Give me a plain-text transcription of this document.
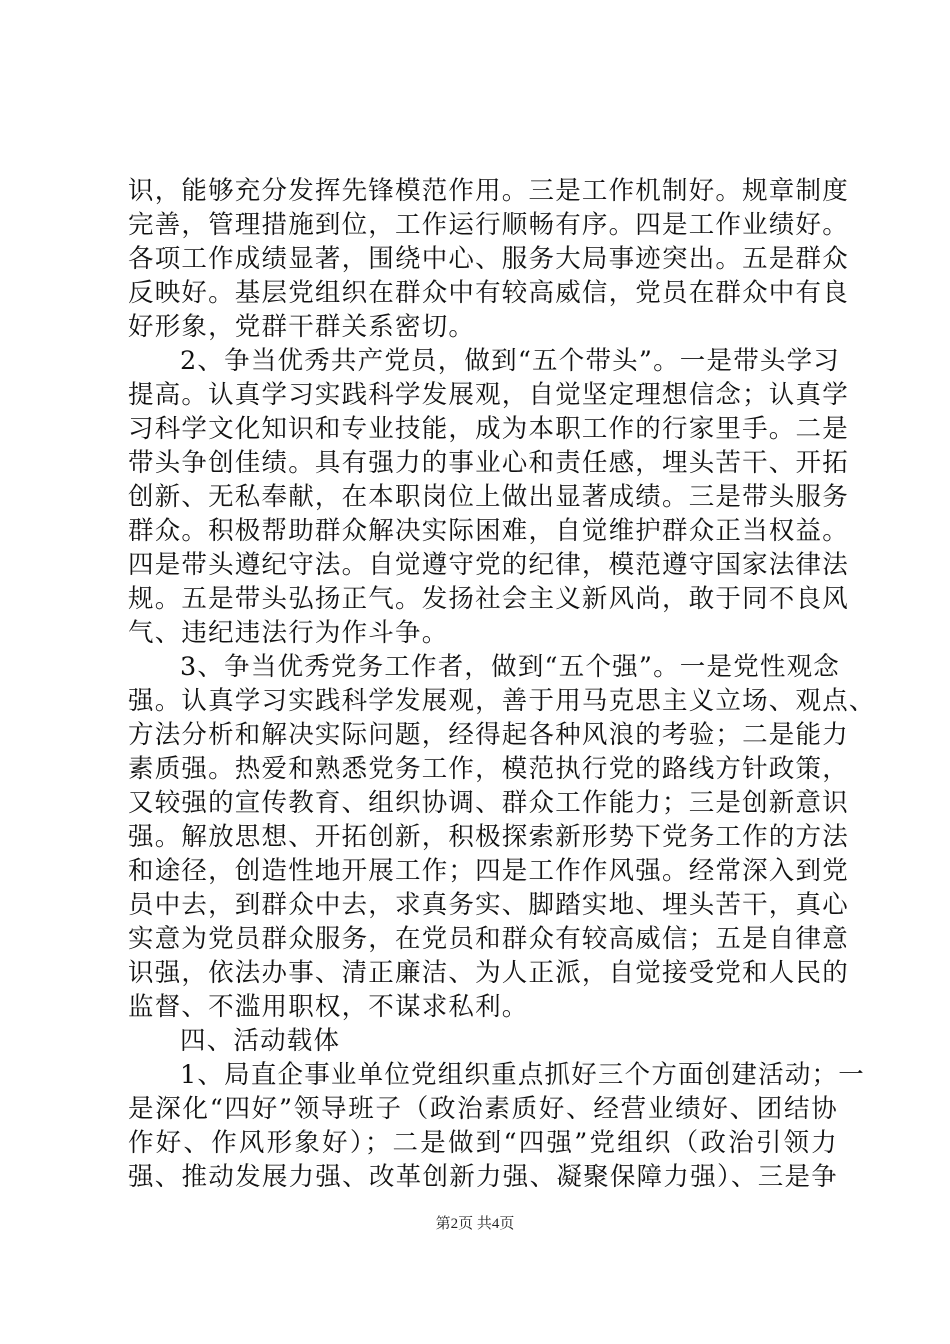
识，能够充分发挥先锋模范作用。三是工作机制好。规章制度
完善，管理措施到位，工作运行顺畅有序。四是工作业绩好。
各项工作成绩显著，围绕中心、服务大局事迹突出。五是群众
反映好。基层党组织在群众中有较高威信，党员在群众中有良
好形象，党群干群关系密切。
2、争当优秀共产党员，做到“五个带头”。一是带头学习
提高。认真学习实践科学发展观，自觉坚定理想信念；认真学
习科学文化知识和专业技能，成为本职工作的行家里手。二是
带头争创佳绩。具有强力的事业心和责任感，埋头苦干、开拓
创新、无私奉献，在本职岗位上做出显著成绩。三是带头服务
群众。积极帮助群众解决实际困难，自觉维护群众正当权益。
四是带头遵纪守法。自觉遵守党的纪律，模范遵守国家法律法
规。五是带头弘扬正气。发扬社会主义新风尚，敢于同不良风
气、违纪违法行为作斗争。
3、争当优秀党务工作者，做到“五个强”。一是党性观念
强。认真学习实践科学发展观，善于用马克思主义立场、观点、
方法分析和解决实际问题，经得起各种风浪的考验；二是能力
素质强。热爱和熟悉党务工作，模范执行党的路线方针政策，
又较强的宣传教育、组织协调、群众工作能力；三是创新意识
强。解放思想、开拓创新，积极探索新形势下党务工作的方法
和途径，创造性地开展工作；四是工作作风强。经常深入到党
员中去，到群众中去，求真务实、脚踏实地、埋头苦干，真心
实意为党员群众服务，在党员和群众有较高威信；五是自律意
识强，依法办事、清正廉洁、为人正派，自觉接受党和人民的
监督、不滥用职权，不谋求私利。
四、活动载体
1、局直企事业单位党组织重点抓好三个方面创建活动；一
是深化“四好”领导班子（政治素质好、经营业绩好、团结协
作好、作风形象好）；二是做到“四强”党组织（政治引领力
强、推动发展力强、改革创新力强、凝聚保障力强）、三是争
第2页 共4页
